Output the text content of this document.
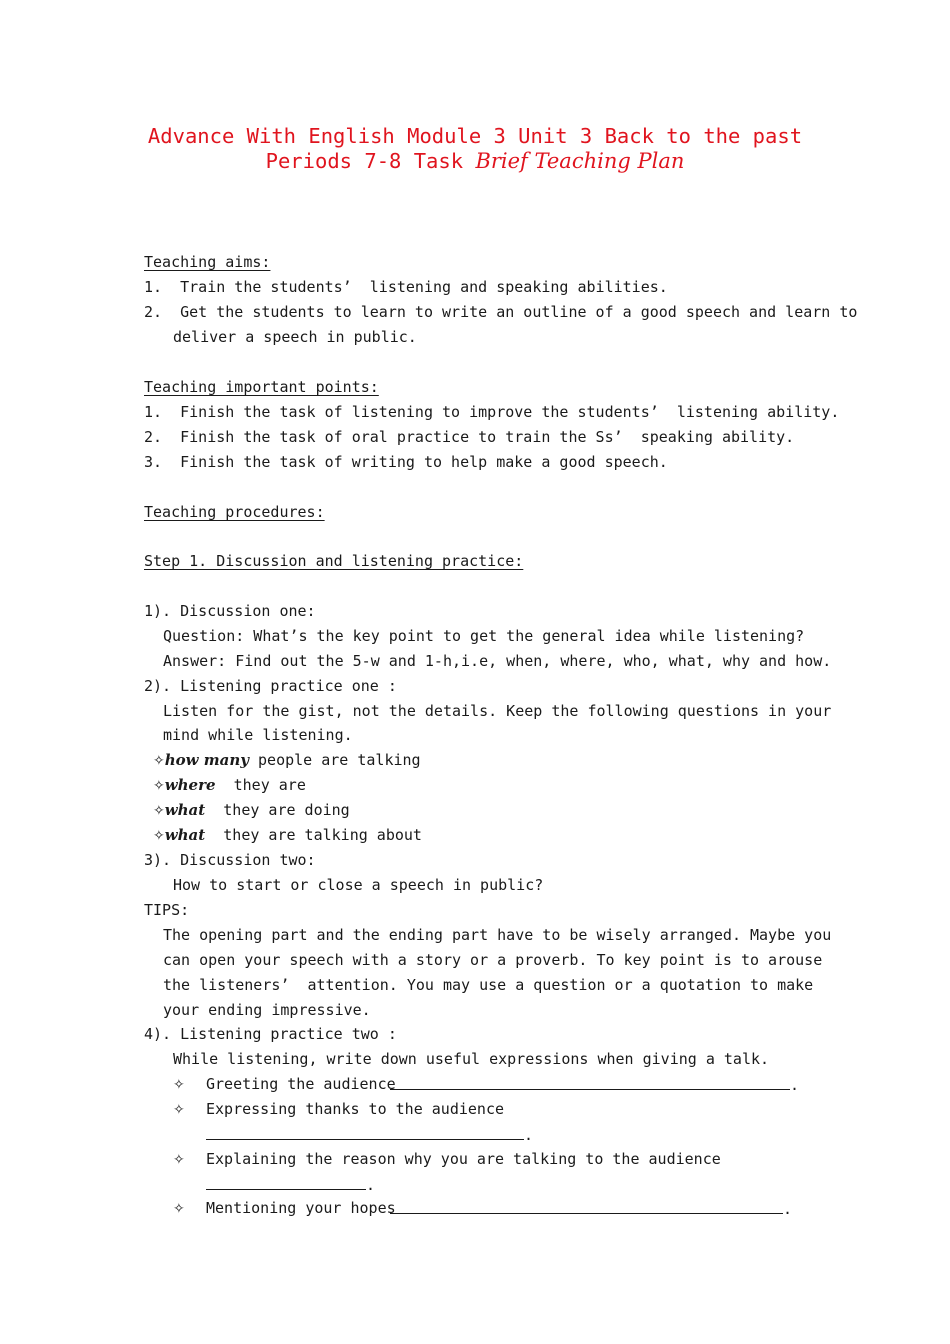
Advance With English Module 3 Unit 3 Back to the past
Periods 7-8 Task Brief Teaching Plan
Teaching aims:
1.  Train the students’  listening and speaking abilities.
2.  Get the students to learn to write an outline of a good speech and learn to
deliver a speech in public.
Teaching important points:
1.  Finish the task of listening to improve the students’  listening ability.
2.  Finish the task of oral practice to train the Ss’  speaking ability.
3.  Finish the task of writing to help make a good speech.
Teaching procedures:
Step 1. Discussion and listening practice:
1). Discussion one:
Question: What’s the key point to get the general idea while listening?
Answer: Find out the 5-w and 1-h,i.e, when, where, who, what, why and how.
2). Listening practice one :
Listen for the gist, not the details. Keep the following questions in your
mind while listening.
✧how many people are talking
✧where  they are
✧what  they are doing
✧what  they are talking about
3). Discussion two:
How to start or close a speech in public?
TIPS:
The opening part and the ending part have to be wisely arranged. Maybe you
can open your speech with a story or a proverb. To key point is to arouse
the listeners’  attention. You may use a question or a quotation to make
your ending impressive.
4). Listening practice two :
While listening, write down useful expressions when giving a talk.
✧ Greeting the audience	.
✧ Expressing thanks to the audience
.
✧ Explaining the reason why you are talking to the audience
.
✧ Mentioning your hopes	.
